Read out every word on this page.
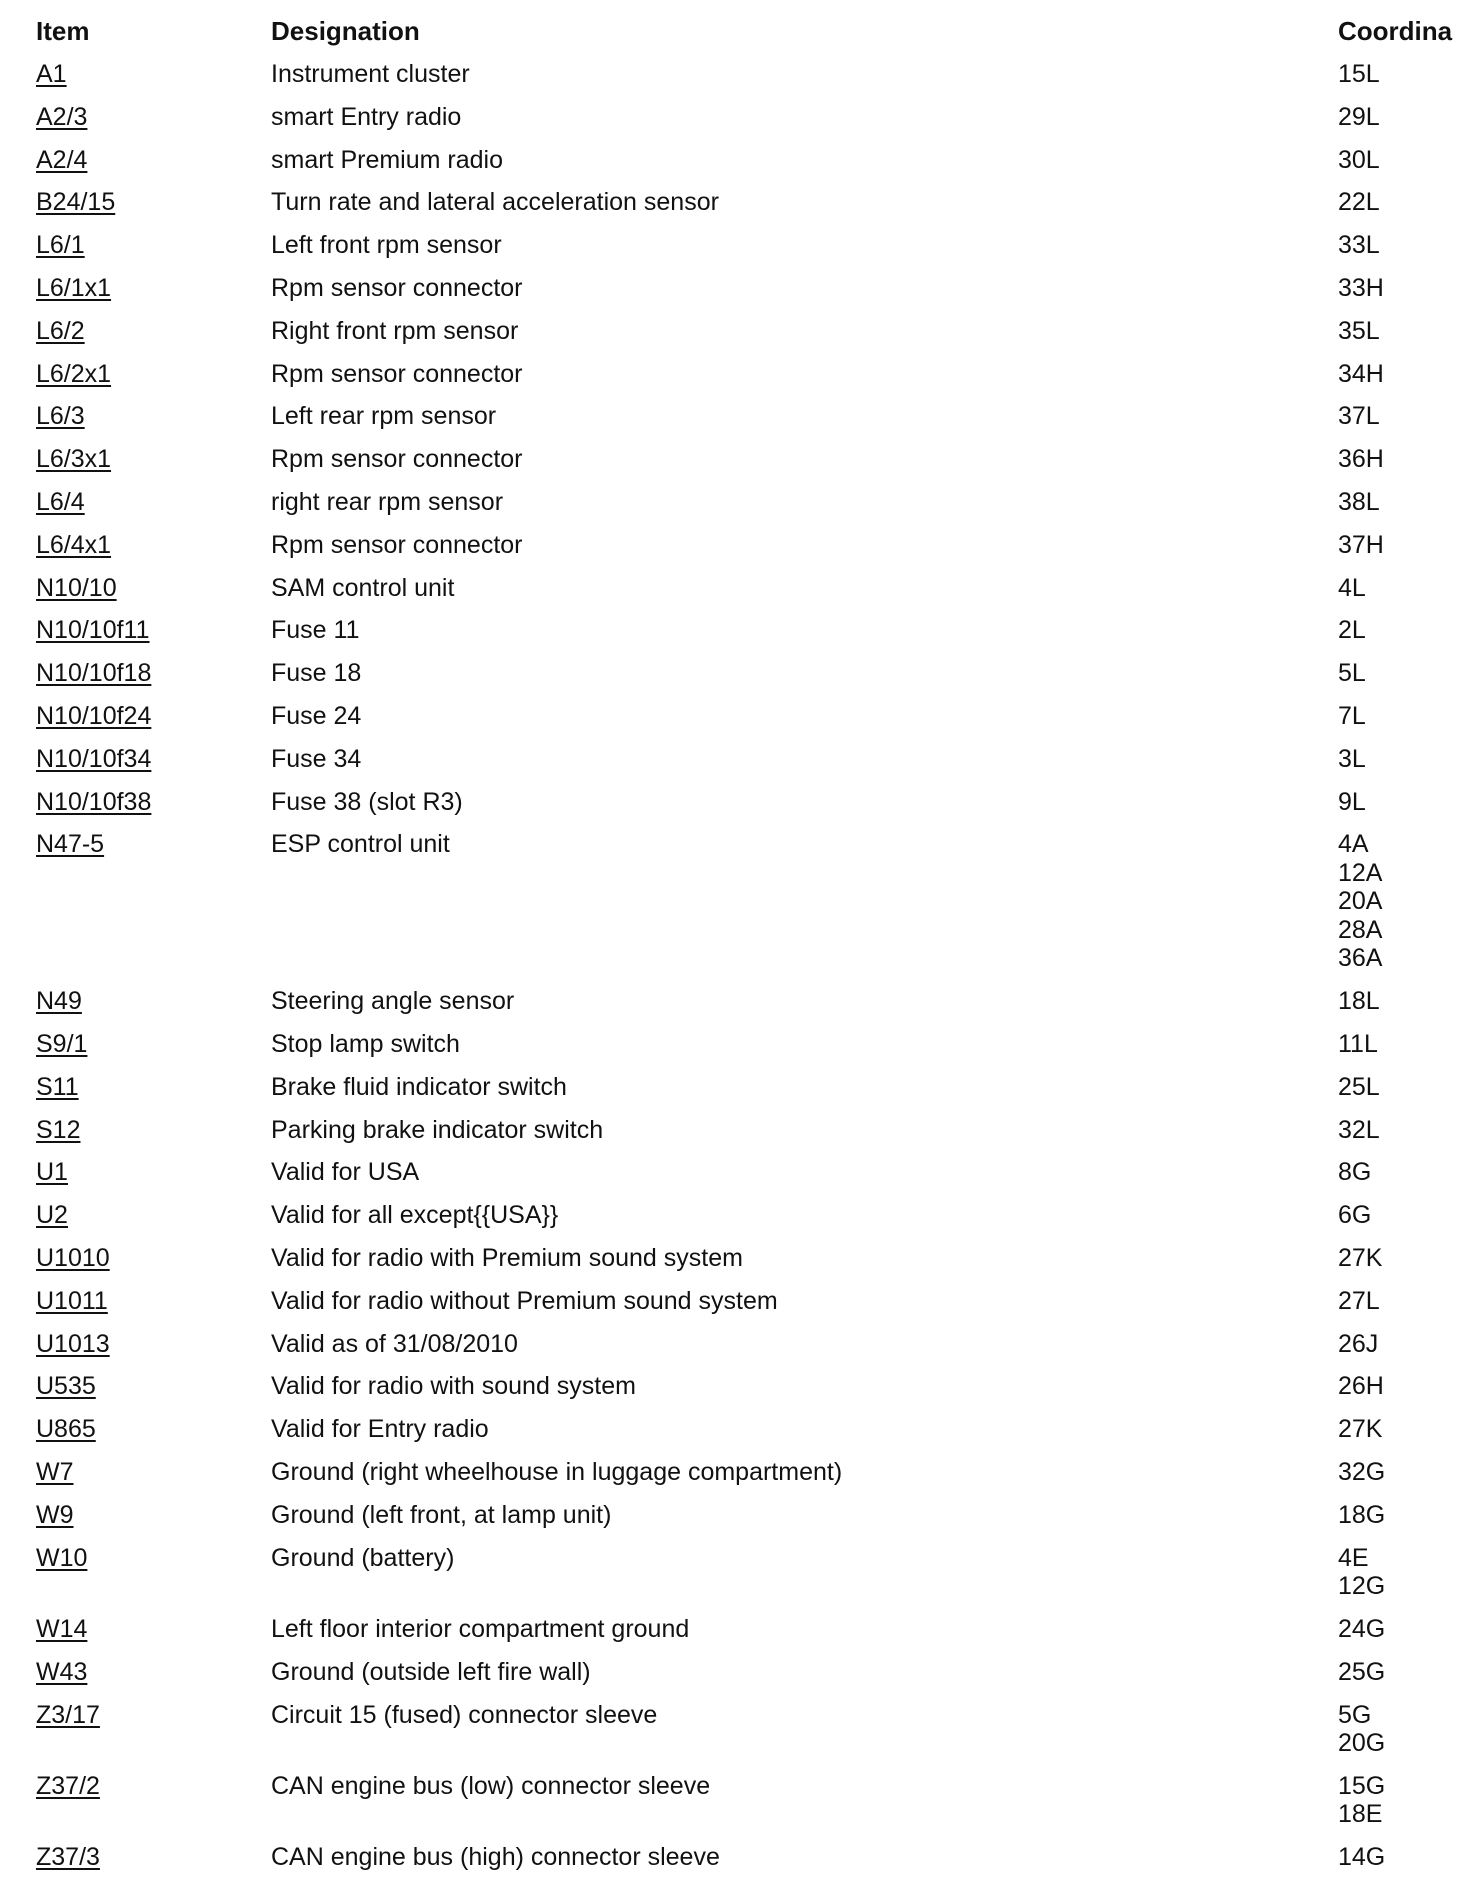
Item	Designation	Coordina
A1	Instrument cluster	15L
A2/3	smart Entry radio	29L
A2/4	smart Premium radio	30L
B24/15	Turn rate and lateral acceleration sensor	22L
L6/1	Left front rpm sensor	33L
L6/1x1	Rpm sensor connector	33H
L6/2	Right front rpm sensor	35L
L6/2x1	Rpm sensor connector	34H
L6/3	Left rear rpm sensor	37L
L6/3x1	Rpm sensor connector	36H
L6/4	right rear rpm sensor	38L
L6/4x1	Rpm sensor connector	37H
N10/10	SAM control unit	4L
N10/10f11	Fuse 11	2L
N10/10f18	Fuse 18	5L
N10/10f24	Fuse 24	7L
N10/10f34	Fuse 34	3L
N10/10f38	Fuse 38 (slot R3)	9L
N47-5	ESP control unit	4A
12A
20A
28A
36A
N49	Steering angle sensor	18L
S9/1	Stop lamp switch	11L
S11	Brake fluid indicator switch	25L
S12	Parking brake indicator switch	32L
U1	Valid for USA	8G
U2	Valid for all except{{USA}}	6G
U1010	Valid for radio with Premium sound system	27K
U1011	Valid for radio without Premium sound system	27L
U1013	Valid as of 31/08/2010	26J
U535	Valid for radio with sound system	26H
U865	Valid for Entry radio	27K
W7	Ground (right wheelhouse in luggage compartment)	32G
W9	Ground (left front, at lamp unit)	18G
W10	Ground (battery)	4E
12G
W14	Left floor interior compartment ground	24G
W43	Ground (outside left fire wall)	25G
Z3/17	Circuit 15 (fused) connector sleeve	5G
20G
Z37/2	CAN engine bus (low) connector sleeve	15G
18E
Z37/3	CAN engine bus (high) connector sleeve	14G
